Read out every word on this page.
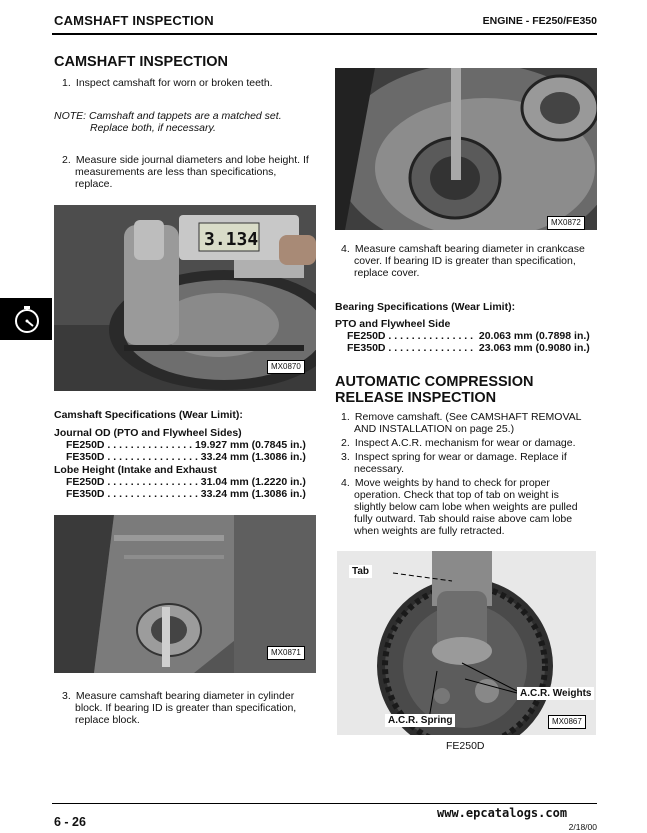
CAMSHAFT INSPECTION	ENGINE - FE250/FE350
CAMSHAFT INSPECTION
1. Inspect camshaft for worn or broken teeth.
NOTE: Camshaft and tappets are a matched set.
Replace both, if necessary.
2. Measure side journal diameters and lobe height. If
measurements are less than specifications,
replace.
3.134
MX0870
Camshaft Specifications (Wear Limit):
Journal OD (PTO and Flywheel Sides)
FE250D . . . . . . . . . . . . . . . 19.927 mm (0.7845 in.)
FE350D . . . . . . . . . . . . . . . . 33.24 mm (1.3086 in.)
Lobe Height (Intake and Exhaust
FE250D . . . . . . . . . . . . . . . . 31.04 mm (1.2220 in.)
FE350D . . . . . . . . . . . . . . . . 33.24 mm (1.3086 in.)
MX0871
3. Measure camshaft bearing diameter in cylinder
block. If bearing ID is greater than specification,
replace block.
MX0872
4. Measure camshaft bearing diameter in crankcase
cover. If bearing ID is greater than specification,
replace cover.
Bearing Specifications (Wear Limit):
PTO and Flywheel Side
FE250D . . . . . . . . . . . . . . .  20.063 mm (0.7898 in.)
FE350D . . . . . . . . . . . . . . .  23.063 mm (0.9080 in.)
AUTOMATIC COMPRESSION
RELEASE INSPECTION
1. Remove camshaft. (See CAMSHAFT REMOVAL
AND INSTALLATION on page 25.)
2. Inspect A.C.R. mechanism for wear or damage.
3. Inspect spring for wear or damage. Replace if
necessary.
4. Move weights by hand to check for proper
operation. Check that top of tab on weight is
slightly below cam lobe when weights are pulled
fully outward. Tab should raise above cam lobe
when weights are fully retracted.
Tab
A.C.R. Weights
A.C.R. Spring	MX0867
FE250D
6 - 26
www.epcatalogs.com
2/18/00
